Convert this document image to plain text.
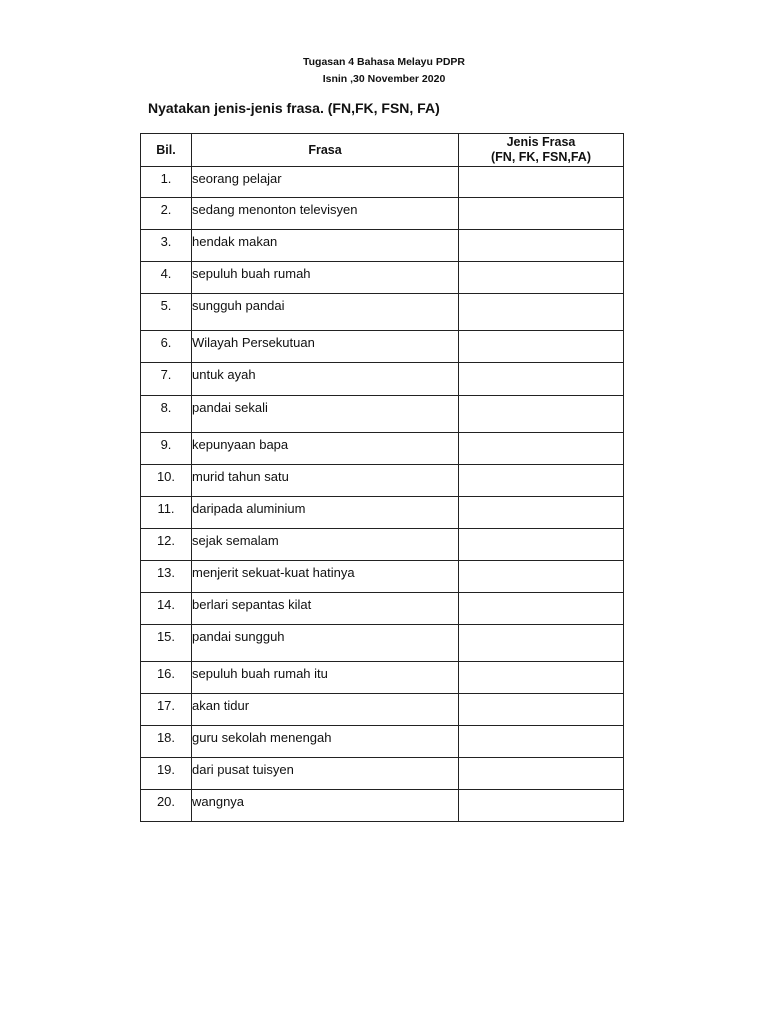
Tugasan 4 Bahasa Melayu PDPR
Isnin ,30 November 2020
Nyatakan jenis-jenis frasa. (FN,FK, FSN, FA)
Bil.	Frasa	Jenis Frasa
(FN, FK, FSN,FA)

1.	seorang pelajar	
2.	sedang menonton televisyen	
3.	hendak makan	
4.	sepuluh buah rumah	
5.	sungguh pandai	
6.	Wilayah Persekutuan	
7.	untuk ayah	
8.	pandai sekali	
9.	kepunyaan bapa	
10.	murid tahun satu	
11.	daripada aluminium	
12.	sejak semalam	
13.	menjerit sekuat-kuat hatinya	
14.	berlari sepantas kilat	
15.	pandai sungguh	
16.	sepuluh buah rumah itu	
17.	akan tidur	
18.	guru sekolah menengah	
19.	dari pusat tuisyen	
20.	wangnya	
